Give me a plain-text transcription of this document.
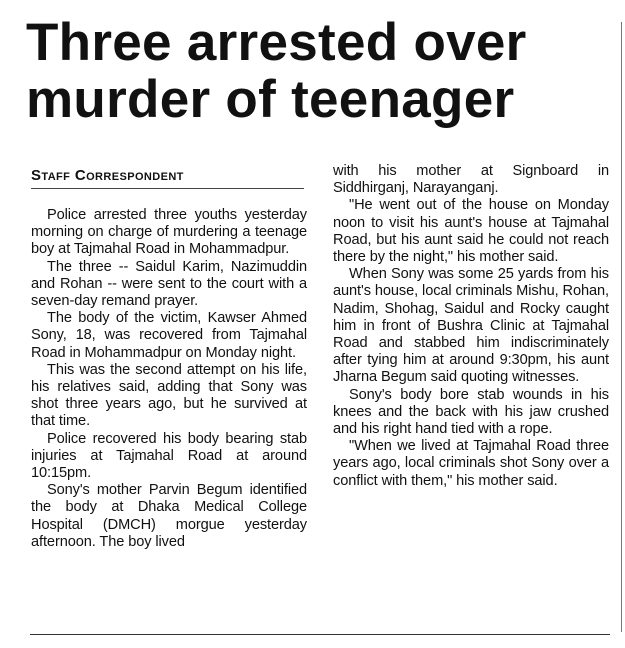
Three arrested over
murder of teenager
Staff Correspondent

Police arrested three youths yesterday morning on charge of murdering a teenage boy at Tajmahal Road in Mohammadpur.

The three -- Saidul Karim, Nazimuddin and Rohan -- were sent to the court with a seven-day remand prayer.

The body of the victim, Kawser Ahmed Sony, 18, was recovered from Tajmahal Road in Mohammadpur on Monday night.

This was the second attempt on his life, his relatives said, adding that Sony was shot three years ago, but he survived at that time.

Police recovered his body bearing stab injuries at Tajmahal Road at around 10:15pm.

Sony's mother Parvin Begum identified the body at Dhaka Medical College Hospital (DMCH) morgue yesterday afternoon. The boy lived

with his mother at Signboard in Siddhirganj, Narayanganj.

"He went out of the house on Monday noon to visit his aunt's house at Tajmahal Road, but his aunt said he could not reach there by the night," his mother said.

When Sony was some 25 yards from his aunt's house, local criminals Mishu, Rohan, Nadim, Shohag, Saidul and Rocky caught him in front of Bushra Clinic at Tajmahal Road and stabbed him indiscriminately after tying him at around 9:30pm, his aunt Jharna Begum said quoting witnesses.

Sony's body bore stab wounds in his knees and the back with his jaw crushed and his right hand tied with a rope.

"When we lived at Tajmahal Road three years ago, local criminals shot Sony over a conflict with them," his mother said.
